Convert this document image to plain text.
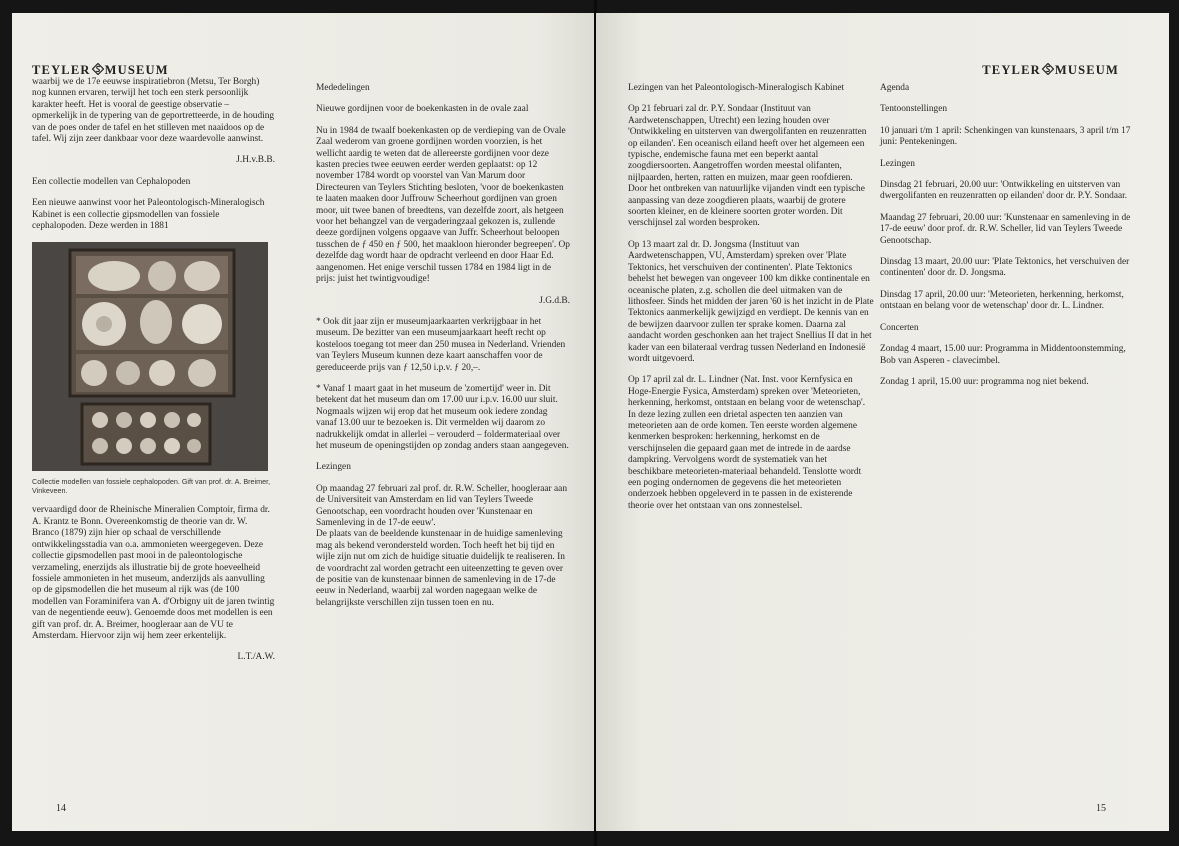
TEYLER MUSEUM

waarbij we de 17e eeuwse inspiratiebron (Metsu, Ter Borgh) nog kunnen ervaren, terwijl het toch een sterk persoonlijk karakter heeft. Het is vooral de geestige observatie – opmerkelijk in de typering van de geportretteerde, in de houding van de poes onder de tafel en het stilleven met naaidoos op de tafel. Wij zijn zeer dankbaar voor deze waardevolle aanwinst.

J.H.v.B.B.

Een collectie modellen van Cephalopoden

Een nieuwe aanwinst voor het Paleontologisch-Mineralogisch Kabinet is een collectie gipsmodellen van fossiele cephalopoden. Deze werden in 1881

Collectie modellen van fossiele cephalopoden. Gift van prof. dr. A. Breimer, Vinkeveen.

vervaardigd door de Rheinische Mineralien Comptoir, firma dr. A. Krantz te Bonn. Overeenkomstig de theorie van dr. W. Branco (1879) zijn hier op schaal de verschillende ontwikkelingsstadia van o.a. ammonieten weergegeven. Deze collectie gipsmodellen past mooi in de paleontologische verzameling, enerzijds als illustratie bij de grote hoeveelheid fossiele ammonieten in het museum, anderzijds als aanvulling op de gipsmodellen die het museum al rijk was (de 100 modellen van Foraminifera van A. d'Orbigny uit de jaren twintig van de negentiende eeuw). Genoemde doos met modellen is een gift van prof. dr. A. Breimer, hoogleraar aan de VU te Amsterdam. Hiervoor zijn wij hem zeer erkentelijk.

L.T./A.W.

Mededelingen

Nieuwe gordijnen voor de boekenkasten in de ovale zaal

Nu in 1984 de twaalf boekenkasten op de verdieping van de Ovale Zaal wederom van groene gordijnen worden voorzien, is het wellicht aardig te weten dat de allereerste gordijnen voor deze kasten precies twee eeuwen eerder werden geplaatst: op 12 november 1784 wordt op voorstel van Van Marum door Directeuren van Teylers Stichting besloten, 'voor de boekenkasten te laaten maaken door Juffrouw Scheerhout gordijnen van groen moor, uit twee banen of breedtens, van dezelfde zoort, als hetgeen voor het behangzel van de vergaderingzaal gekozen is, zullende deeze gordijnen volgens opgaave van Juffr. Scheerhout beloopen tusschen de ƒ 450 en ƒ 500, het maakloon hieronder begreepen'. Op dezelfde dag wordt haar de opdracht verleend en door Haar Ed. aangenomen. Het enige verschil tussen 1784 en 1984 ligt in de prijs: juist het twintigvoudige!

J.G.d.B.

* Ook dit jaar zijn er museumjaarkaarten verkrijgbaar in het museum. De bezitter van een museumjaarkaart heeft recht op kosteloos toegang tot meer dan 250 musea in Nederland. Vrienden van Teylers Museum kunnen deze kaart aanschaffen voor de gereduceerde prijs van ƒ 12,50 i.p.v. ƒ 20,–.

* Vanaf 1 maart gaat in het museum de 'zomertijd' weer in. Dit betekent dat het museum dan om 17.00 uur i.p.v. 16.00 uur sluit. Nogmaals wijzen wij erop dat het museum ook iedere zondag vanaf 13.00 uur te bezoeken is. Dit vermelden wij daarom zo nadrukkelijk omdat in allerlei – verouderd – foldermateriaal over het museum de openingstijden op zondag anders staan aangegeven.

Lezingen

Op maandag 27 februari zal prof. dr. R.W. Scheller, hoogleraar aan de Universiteit van Amsterdam en lid van Teylers Tweede Genootschap, een voordracht houden over 'Kunstenaar en Samenleving in de 17-de eeuw'.

De plaats van de beeldende kunstenaar in de huidige samenleving mag als bekend verondersteld worden. Toch heeft het bij tijd en wijle zijn nut om zich de huidige situatie duidelijk te realiseren. In de voordracht zal worden getracht een uiteenzetting te geven over de positie van de kunstenaar binnen de samenleving in de 17-de eeuw in Nederland, waarbij zal worden nagegaan welke de belangrijkste verschillen zijn tussen toen en nu.

14
TEYLER MUSEUM

Lezingen van het Paleontologisch-Mineralogisch Kabinet

Op 21 februari zal dr. P.Y. Sondaar (Instituut van Aardwetenschappen, Utrecht) een lezing houden over 'Ontwikkeling en uitsterven van dwergolifanten en reuzenratten op eilanden'. Een oceanisch eiland heeft over het algemeen een typische, endemische fauna met een beperkt aantal zoogdiersoorten. Aangetroffen worden meestal olifanten, nijlpaarden, herten, ratten en muizen, maar geen roofdieren. Door het ontbreken van natuurlijke vijanden vindt een typische aanpassing van deze zoogdieren plaats, waarbij de grotere soorten kleiner, en de kleinere soorten groter worden. Dit verschijnsel zal worden besproken.

Op 13 maart zal dr. D. Jongsma (Instituut van Aardwetenschappen, VU, Amsterdam) spreken over 'Plate Tektonics, het verschuiven der continenten'. Plate Tektonics behelst het bewegen van ongeveer 100 km dikke continentale en oceanische platen, z.g. schollen die deel uitmaken van de lithosfeer. Sinds het midden der jaren '60 is het inzicht in de Plate Tektonics aanmerkelijk gewijzigd en verdiept. De kennis van en de bewijzen daarvoor zullen ter sprake komen. Daarna zal aandacht worden geschonken aan het traject Snellius II dat in het kader van een bilateraal verdrag tussen Nederland en Indonesië wordt uitgevoerd.

Op 17 april zal dr. L. Lindner (Nat. Inst. voor Kernfysica en Hoge-Energie Fysica, Amsterdam) spreken over 'Meteorieten, herkenning, herkomst, ontstaan en belang voor de wetenschap'. In deze lezing zullen een drietal aspecten ten aanzien van meteorieten aan de orde komen. Ten eerste worden algemene kenmerken besproken: herkenning, herkomst en de verschijnselen die gepaard gaan met de intrede in de aardse dampkring. Vervolgens wordt de systematiek van het beschikbare meteorieten-materiaal behandeld. Tenslotte wordt een poging ondernomen de gegevens die het meteorieten onderzoek hebben opgeleverd in te passen in de existerende theorie over het ontstaan van ons zonnestelsel.

Agenda

Tentoonstellingen

10 januari t/m 1 april: Schenkingen van kunstenaars, 3 april t/m 17 juni: Pentekeningen.

Lezingen

Dinsdag 21 februari, 20.00 uur: 'Ontwikkeling en uitsterven van dwergolifanten en reuzenratten op eilanden' door dr. P.Y. Sondaar.

Maandag 27 februari, 20.00 uur: 'Kunstenaar en samenleving in de 17-de eeuw' door prof. dr. R.W. Scheller, lid van Teylers Tweede Genootschap.

Dinsdag 13 maart, 20.00 uur: 'Plate Tektonics, het verschuiven der continenten' door dr. D. Jongsma.

Dinsdag 17 april, 20.00 uur: 'Meteorieten, herkenning, herkomst, ontstaan en belang voor de wetenschap' door dr. L. Lindner.

Concerten

Zondag 4 maart, 15.00 uur: Programma in Middentoonstemming, Bob van Asperen - clavecimbel.

Zondag 1 april, 15.00 uur: programma nog niet bekend.

15
